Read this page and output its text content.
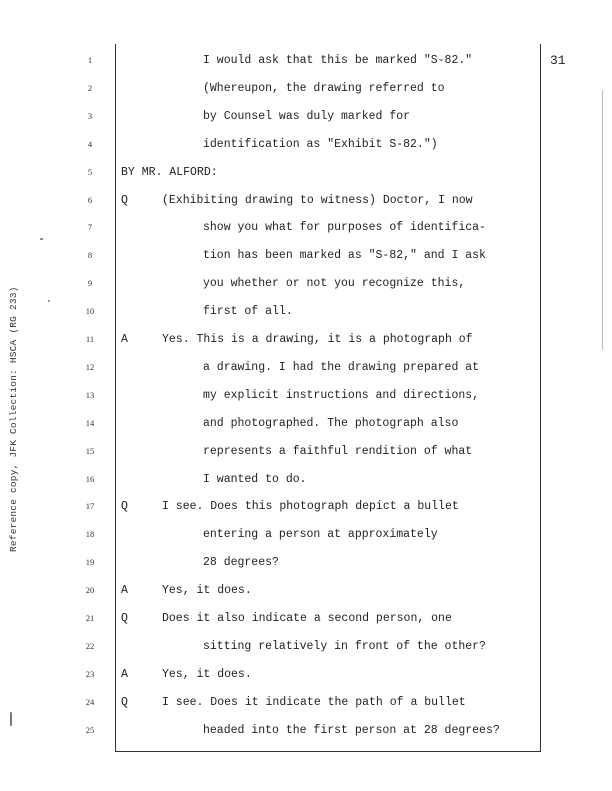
Reference copy, JFK Collection: HSCA (RG 233)
31
1	I would ask that this be marked "S-82."
2	(Whereupon, the drawing referred to
3	by Counsel was duly marked for
4	identification as "Exhibit S-82.")
5	BY MR. ALFORD:
6	Q	(Exhibiting drawing to witness) Doctor, I now
7	show you what for purposes of identifica-
8	tion has been marked as "S-82," and I ask
9	you whether or not you recognize this,
10	first of all.
11	A	Yes. This is a drawing, it is a photograph of
12	a drawing. I had the drawing prepared at
13	my explicit instructions and directions,
14	and photographed. The photograph also
15	represents a faithful rendition of what
16	I wanted to do.
17	Q	I see. Does this photograph depict a bullet
18	entering a person at approximately
19	28 degrees?
20	A	Yes, it does.
21	Q	Does it also indicate a second person, one
22	sitting relatively in front of the other?
23	A	Yes, it does.
24	Q	I see. Does it indicate the path of a bullet
25	headed into the first person at 28 degrees?
